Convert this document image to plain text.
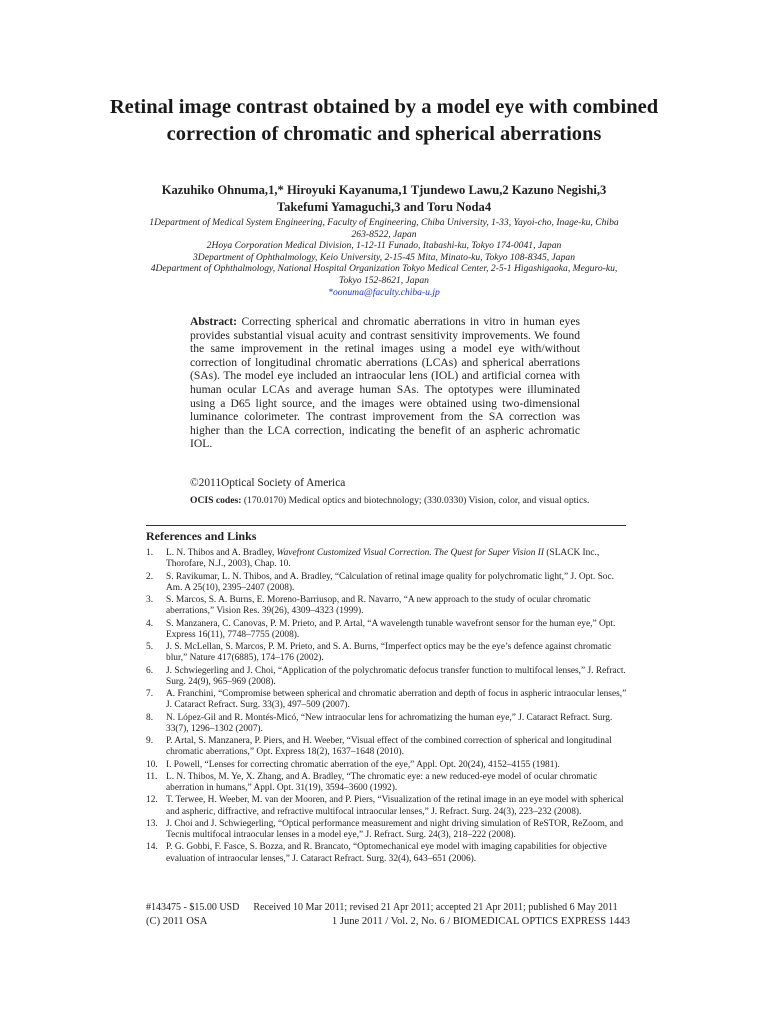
Retinal image contrast obtained by a model eye with combined correction of chromatic and spherical aberrations
Kazuhiko Ohnuma,1,* Hiroyuki Kayanuma,1 Tjundewo Lawu,2 Kazuno Negishi,3
Takefumi Yamaguchi,3 and Toru Noda4
1Department of Medical System Engineering, Faculty of Engineering, Chiba University, 1-33, Yayoi-cho, Inage-ku, Chiba 263-8522, Japan
2Hoya Corporation Medical Division, 1-12-11 Funado, Itabashi-ku, Tokyo 174-0041, Japan
3Department of Ophthalmology, Keio University, 2-15-45 Mita, Minato-ku, Tokyo 108-8345, Japan
4Department of Ophthalmology, National Hospital Organization Tokyo Medical Center, 2-5-1 Higashigaoka, Meguro-ku, Tokyo 152-8621, Japan
*oonuma@faculty.chiba-u.jp
Abstract: Correcting spherical and chromatic aberrations in vitro in human eyes provides substantial visual acuity and contrast sensitivity improvements. We found the same improvement in the retinal images using a model eye with/without correction of longitudinal chromatic aberrations (LCAs) and spherical aberrations (SAs). The model eye included an intraocular lens (IOL) and artificial cornea with human ocular LCAs and average human SAs. The optotypes were illuminated using a D65 light source, and the images were obtained using two-dimensional luminance colorimeter. The contrast improvement from the SA correction was higher than the LCA correction, indicating the benefit of an aspheric achromatic IOL.
©2011Optical Society of America
OCIS codes: (170.0170) Medical optics and biotechnology; (330.0330) Vision, color, and visual optics.
References and Links
1.	L. N. Thibos and A. Bradley, Wavefront Customized Visual Correction. The Quest for Super Vision II (SLACK Inc., Thorofare, N.J., 2003), Chap. 10.
2.	S. Ravikumar, L. N. Thibos, and A. Bradley, “Calculation of retinal image quality for polychromatic light,” J. Opt. Soc. Am. A 25(10), 2395–2407 (2008).
3.	S. Marcos, S. A. Burns, E. Moreno-Barriusop, and R. Navarro, “A new approach to the study of ocular chromatic aberrations,” Vision Res. 39(26), 4309–4323 (1999).
4.	S. Manzanera, C. Canovas, P. M. Prieto, and P. Artal, “A wavelength tunable wavefront sensor for the human eye,” Opt. Express 16(11), 7748–7755 (2008).
5.	J. S. McLellan, S. Marcos, P. M. Prieto, and S. A. Burns, “Imperfect optics may be the eye’s defence against chromatic blur,” Nature 417(6885), 174–176 (2002).
6.	J. Schwiegerling and J. Choi, “Application of the polychromatic defocus transfer function to multifocal lenses,” J. Refract. Surg. 24(9), 965–969 (2008).
7.	A. Franchini, “Compromise between spherical and chromatic aberration and depth of focus in aspheric intraocular lenses,” J. Cataract Refract. Surg. 33(3), 497–509 (2007).
8.	N. López-Gil and R. Montés-Micó, “New intraocular lens for achromatizing the human eye,” J. Cataract Refract. Surg. 33(7), 1296–1302 (2007).
9.	P. Artal, S. Manzanera, P. Piers, and H. Weeber, “Visual effect of the combined correction of spherical and longitudinal chromatic aberrations,” Opt. Express 18(2), 1637–1648 (2010).
10. I. Powell, “Lenses for correcting chromatic aberration of the eye,” Appl. Opt. 20(24), 4152–4155 (1981).
11. L. N. Thibos, M. Ye, X. Zhang, and A. Bradley, “The chromatic eye: a new reduced-eye model of ocular chromatic aberration in humans,” Appl. Opt. 31(19), 3594–3600 (1992).
12. T. Terwee, H. Weeber, M. van der Mooren, and P. Piers, “Visualization of the retinal image in an eye model with spherical and aspheric, diffractive, and refractive multifocal intraocular lenses,” J. Refract. Surg. 24(3), 223–232 (2008).
13. J. Choi and J. Schwiegerling, “Optical performance measurement and night driving simulation of ReSTOR, ReZoom, and Tecnis multifocal intraocular lenses in a model eye,” J. Refract. Surg. 24(3), 218–222 (2008).
14. P. G. Gobbi, F. Fasce, S. Bozza, and R. Brancato, “Optomechanical eye model with imaging capabilities for objective evaluation of intraocular lenses,” J. Cataract Refract. Surg. 32(4), 643–651 (2006).
#143475 - $15.00 USD Received 10 Mar 2011; revised 21 Apr 2011; accepted 21 Apr 2011; published 6 May 2011
(C) 2011 OSA	1 June 2011 / Vol. 2, No. 6 / BIOMEDICAL OPTICS EXPRESS 1443
